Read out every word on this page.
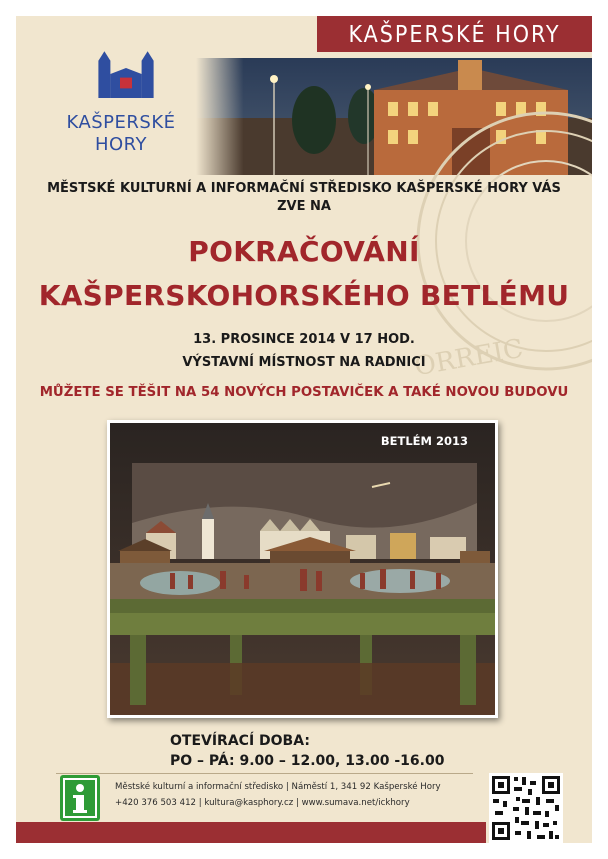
KAŠPERSKÉ HORY
ORREIC
KAŠPERSKÉ
HORY
MĚSTSKÉ KULTURNÍ A INFORMAČNÍ STŘEDISKO KAŠPERSKÉ HORY VÁS
ZVE NA
POKRAČOVÁNÍ
KAŠPERSKOHORSKÉHO BETLÉMU
13. PROSINCE 2014 V 17 HOD.
VÝSTAVNÍ MÍSTNOST NA RADNICI
MŮŽETE SE TĚŠIT NA 54 NOVÝCH POSTAVIČEK A TAKÉ NOVOU BUDOVU
BETLÉM 2013
OTEVÍRACÍ DOBA:
PO – PÁ: 9.00 – 12.00, 13.00 -16.00
Městské kulturní a informační středisko | Náměstí 1, 341 92 Kašperské Hory
+420 376 503 412 | kultura@kasphory.cz | www.sumava.net/ickhory
